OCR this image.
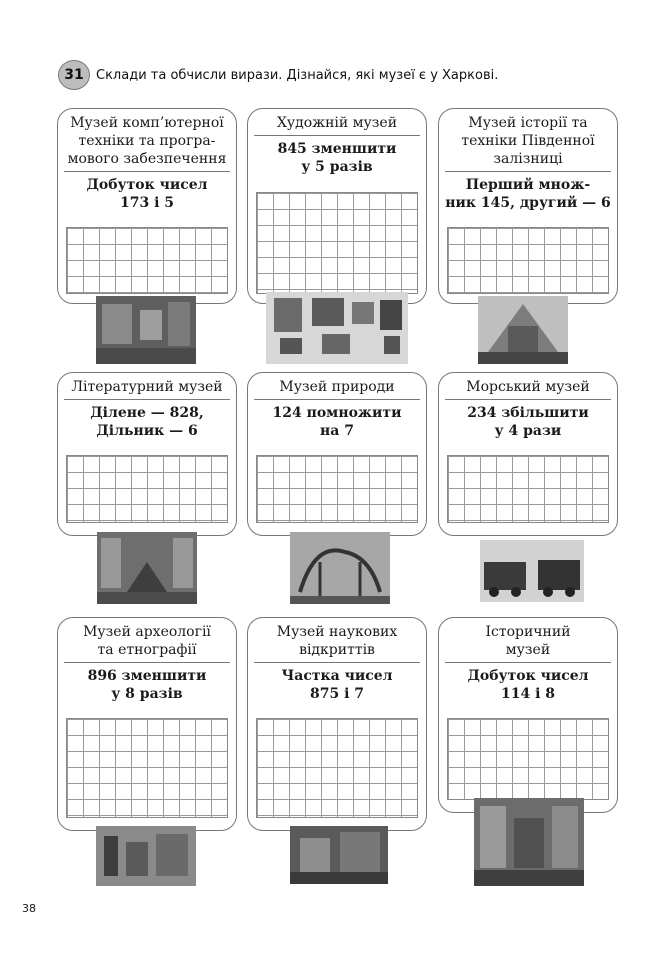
31 Склади та обчисли вирази. Дізнайся, які музеї є у Харкові.
Музей комп’ютерної
техніки та програ-
мового забезпечення
Добуток чисел
173 і 5
Художній музей
845 зменшити
у 5 разів
Музей історії та
техніки Південної
залізниці
Перший множ-
ник 145, другий — 6
Літературний музей
Ділене — 828,
Дільник — 6
Музей природи
124 помножити
на 7
Морський музей
234 збільшити
у 4 рази
Музей археології
та етнографії
896 зменшити
у 8 разів
Музей наукових
відкриттів
Частка чисел
875 і 7
Історичний
музей
Добуток чисел
114 і 8
38
